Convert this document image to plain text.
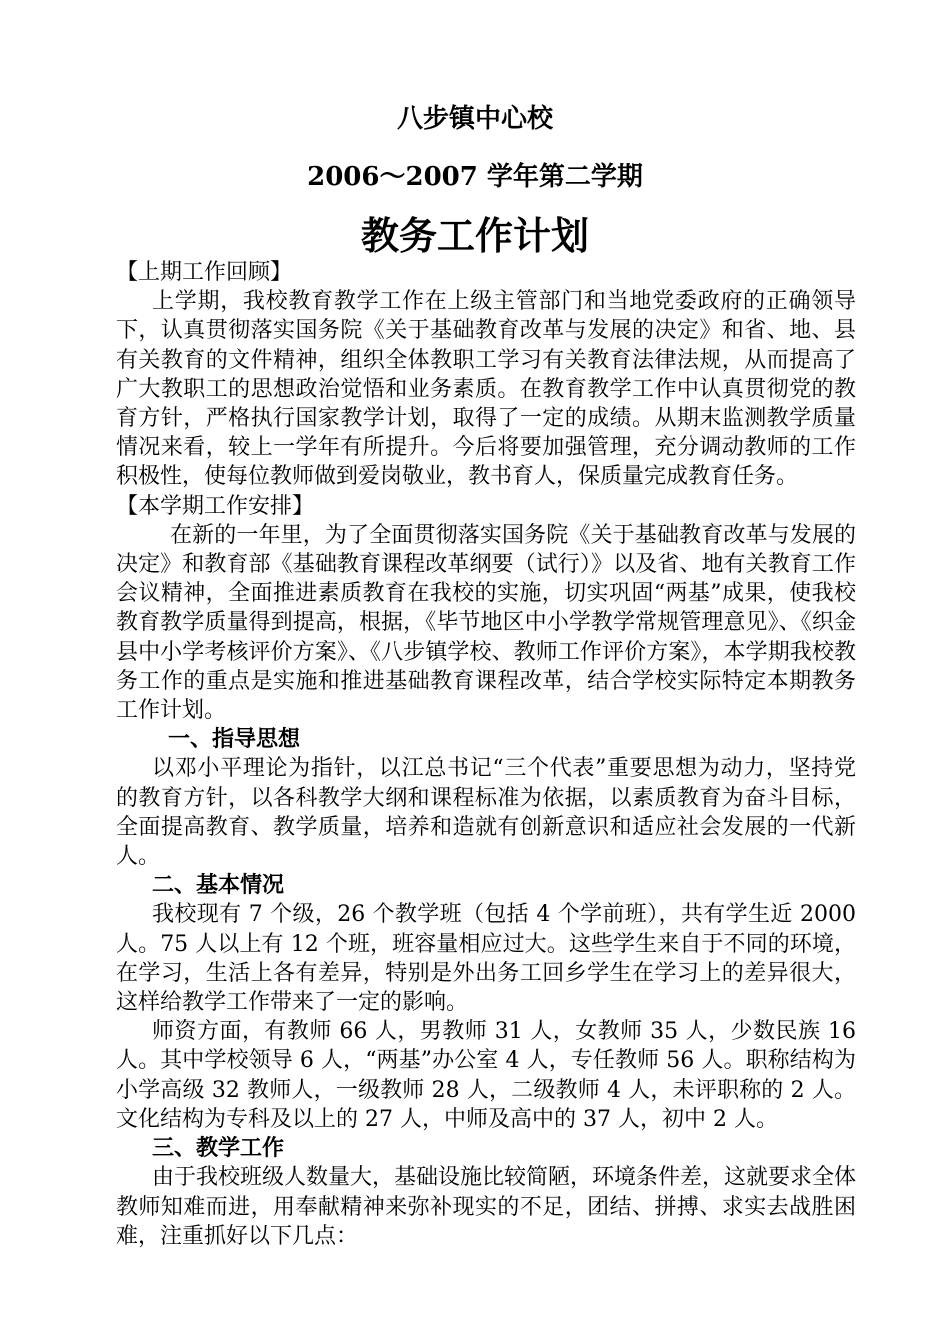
八步镇中心校
2006～2007 学年第二学期
教务工作计划

【上期工作回顾】

上学期，我校教育教学工作在上级主管部门和当地党委政府的正确领导下，认真贯彻落实国务院《关于基础教育改革与发展的决定》和省、地、县有关教育的文件精神，组织全体教职工学习有关教育法律法规，从而提高了广大教职工的思想政治觉悟和业务素质。在教育教学工作中认真贯彻党的教育方针，严格执行国家教学计划，取得了一定的成绩。从期末监测教学质量情况来看，较上一学年有所提升。今后将要加强管理，充分调动教师的工作积极性，使每位教师做到爱岗敬业，教书育人，保质量完成教育任务。

【本学期工作安排】

在新的一年里，为了全面贯彻落实国务院《关于基础教育改革与发展的决定》和教育部《基础教育课程改革纲要（试行）》以及省、地有关教育工作会议精神，全面推进素质教育在我校的实施，切实巩固“两基”成果，使我校教育教学质量得到提高，根据，《毕节地区中小学教学常规管理意见》、《织金县中小学考核评价方案》、《八步镇学校、教师工作评价方案》，本学期我校教务工作的重点是实施和推进基础教育课程改革，结合学校实际特定本期教务工作计划。

一、指导思想

以邓小平理论为指针，以江总书记“三个代表”重要思想为动力，坚持党的教育方针，以各科教学大纲和课程标准为依据，以素质教育为奋斗目标，全面提高教育、教学质量，培养和造就有创新意识和适应社会发展的一代新人。

二、基本情况

我校现有 7 个级，26 个教学班（包括 4 个学前班），共有学生近 2000 人。75 人以上有 12 个班，班容量相应过大。这些学生来自于不同的环境，在学习，生活上各有差异，特别是外出务工回乡学生在学习上的差异很大，这样给教学工作带来了一定的影响。

师资方面，有教师 66 人，男教师 31 人，女教师 35 人，少数民族 16 人。其中学校领导 6 人，“两基”办公室 4 人，专任教师 56 人。职称结构为小学高级 32 教师人，一级教师 28 人，二级教师 4 人，未评职称的 2 人。文化结构为专科及以上的 27 人，中师及高中的 37 人，初中 2 人。

三、教学工作

由于我校班级人数量大，基础设施比较简陋，环境条件差，这就要求全体教师知难而进，用奉献精神来弥补现实的不足，团结、拼搏、求实去战胜困难，注重抓好以下几点：
